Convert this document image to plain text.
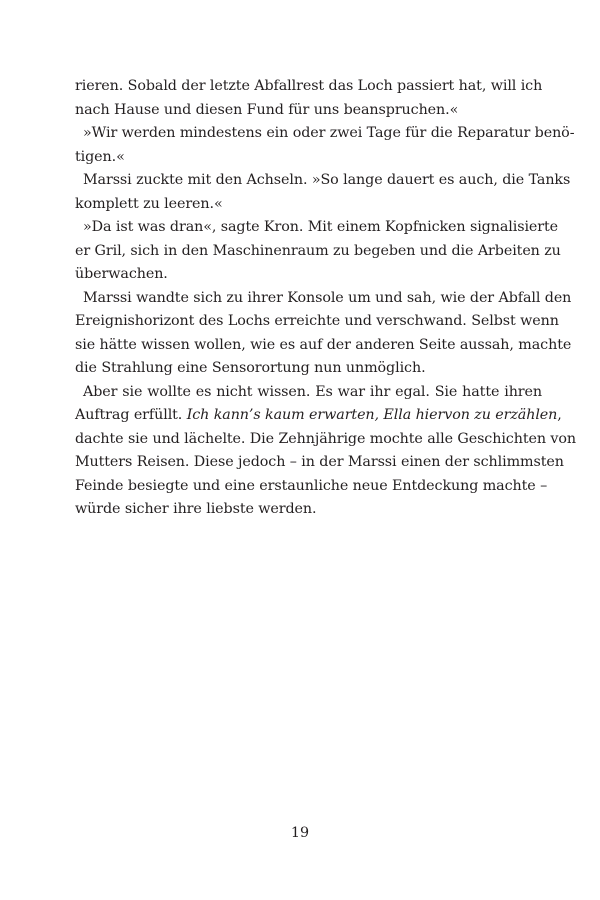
rieren. Sobald der letzte Abfallrest das Loch passiert hat, will ich
nach Hause und diesen Fund für uns beanspruchen.«
»Wir werden mindestens ein oder zwei Tage für die Reparatur benö-
tigen.«
Marssi zuckte mit den Achseln. »So lange dauert es auch, die Tanks
komplett zu leeren.«
»Da ist was dran«, sagte Kron. Mit einem Kopfnicken signalisierte
er Gril, sich in den Maschinenraum zu begeben und die Arbeiten zu
überwachen.
Marssi wandte sich zu ihrer Konsole um und sah, wie der Abfall den
Ereignishorizont des Lochs erreichte und verschwand. Selbst wenn
sie hätte wissen wollen, wie es auf der anderen Seite aussah, machte
die Strahlung eine Sensorortung nun unmöglich.
Aber sie wollte es nicht wissen. Es war ihr egal. Sie hatte ihren
Auftrag erfüllt. Ich kann’s kaum erwarten, Ella hiervon zu erzählen,
dachte sie und lächelte. Die Zehnjährige mochte alle Geschichten von
Mutters Reisen. Diese jedoch – in der Marssi einen der schlimmsten
Feinde besiegte und eine erstaunliche neue Entdeckung machte –
würde sicher ihre liebste werden.
19
